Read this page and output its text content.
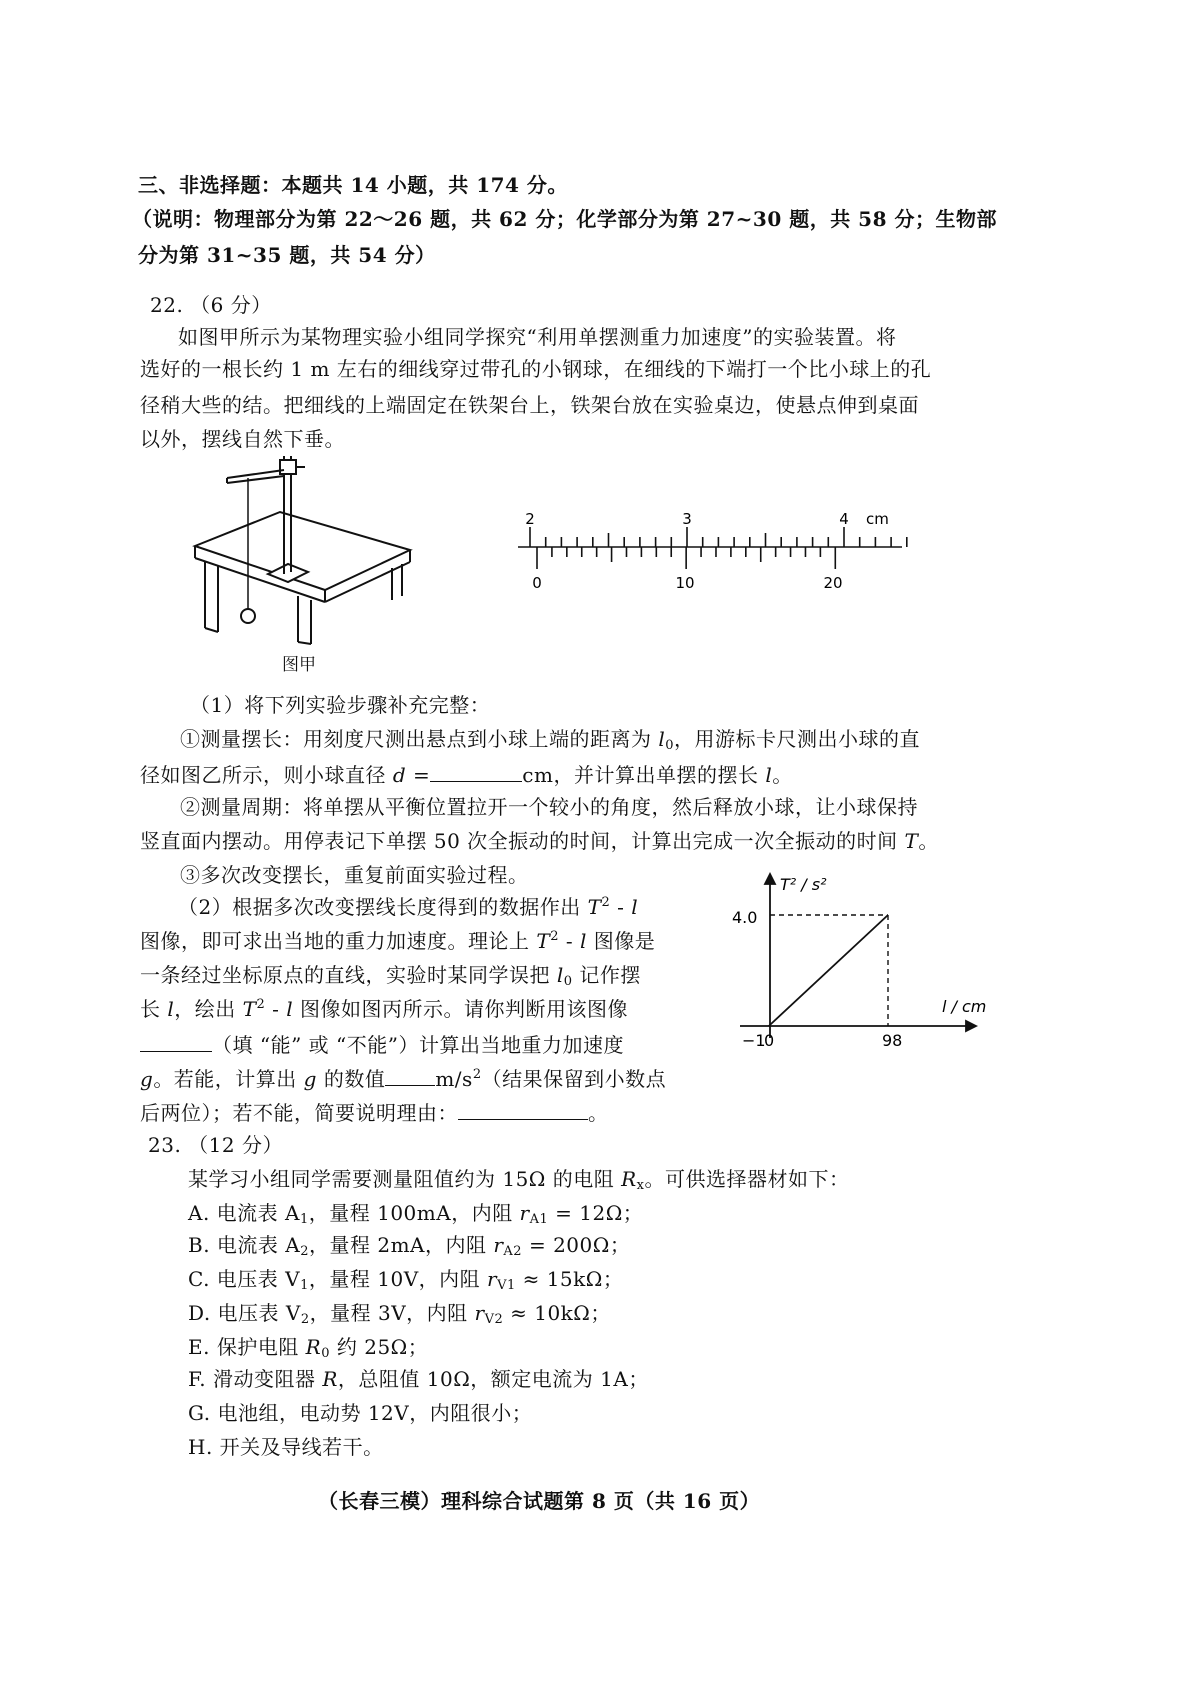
三、非选择题：本题共 14 小题，共 174 分。
（说明：物理部分为第 22～26 题，共 62 分；化学部分为第 27~30 题，共 58 分；生物部
分为第 31~35 题，共 54 分）
22. （6 分）
如图甲所示为某物理实验小组同学探究“利用单摆测重力加速度”的实验装置。将
选好的一根长约 1 m 左右的细线穿过带孔的小钢球，在细线的下端打一个比小球上的孔
径稍大些的结。把细线的上端固定在铁架台上，铁架台放在实验桌边，使悬点伸到桌面
以外，摆线自然下垂。
图甲
2	3	4 cm
0	10	20
（1）将下列实验步骤补充完整：
①测量摆长：用刻度尺测出悬点到小球上端的距离为 $l_0$，用游标卡尺测出小球的直
径如图乙所示，则小球直径 d =	cm，并计算出单摆的摆长 l。
②测量周期：将单摆从平衡位置拉开一个较小的角度，然后释放小球，让小球保持
竖直面内摆动。用停表记下单摆 50 次全振动的时间，计算出完成一次全振动的时间 T。
③多次改变摆长，重复前面实验过程。
（2）根据多次改变摆线长度得到的数据作出 $T^2$ - l
图像，即可求出当地的重力加速度。理论上 $T^2$ - l 图像是
一条经过坐标原点的直线，实验时某同学误把 $l_0$ 记作摆
长 l，绘出 $T^2$ - l 图像如图丙所示。请你判断用该图像
（填 “能” 或 “不能”）计算出当地重力加速度
g。若能，计算出 g 的数值	$m/s^2$（结果保留到小数点
后两位）；若不能，简要说明理由：	。
T² / s²
l / cm
4.0
−1
0	98
23. （12 分）
某学习小组同学需要测量阻值约为 15Ω 的电阻 $R_x$。可供选择器材如下：
A. 电流表 $A_1$，量程 100mA，内阻 $r_{A1} = 12\Omega$；
B. 电流表 $A_2$，量程 2mA，内阻 $r_{A2} = 200\Omega$；
C. 电压表 $V_1$，量程 10V，内阻 $r_{V1} \approx 15k\Omega$；
D. 电压表 $V_2$，量程 3V，内阻 $r_{V2} \approx 10k\Omega$；
E. 保护电阻 $R_0$ 约 25Ω；
F. 滑动变阻器 R，总阻值 10Ω，额定电流为 1A；
G. 电池组，电动势 12V，内阻很小；
H. 开关及导线若干。
（长春三模）理科综合试题第 8 页（共 16 页）
